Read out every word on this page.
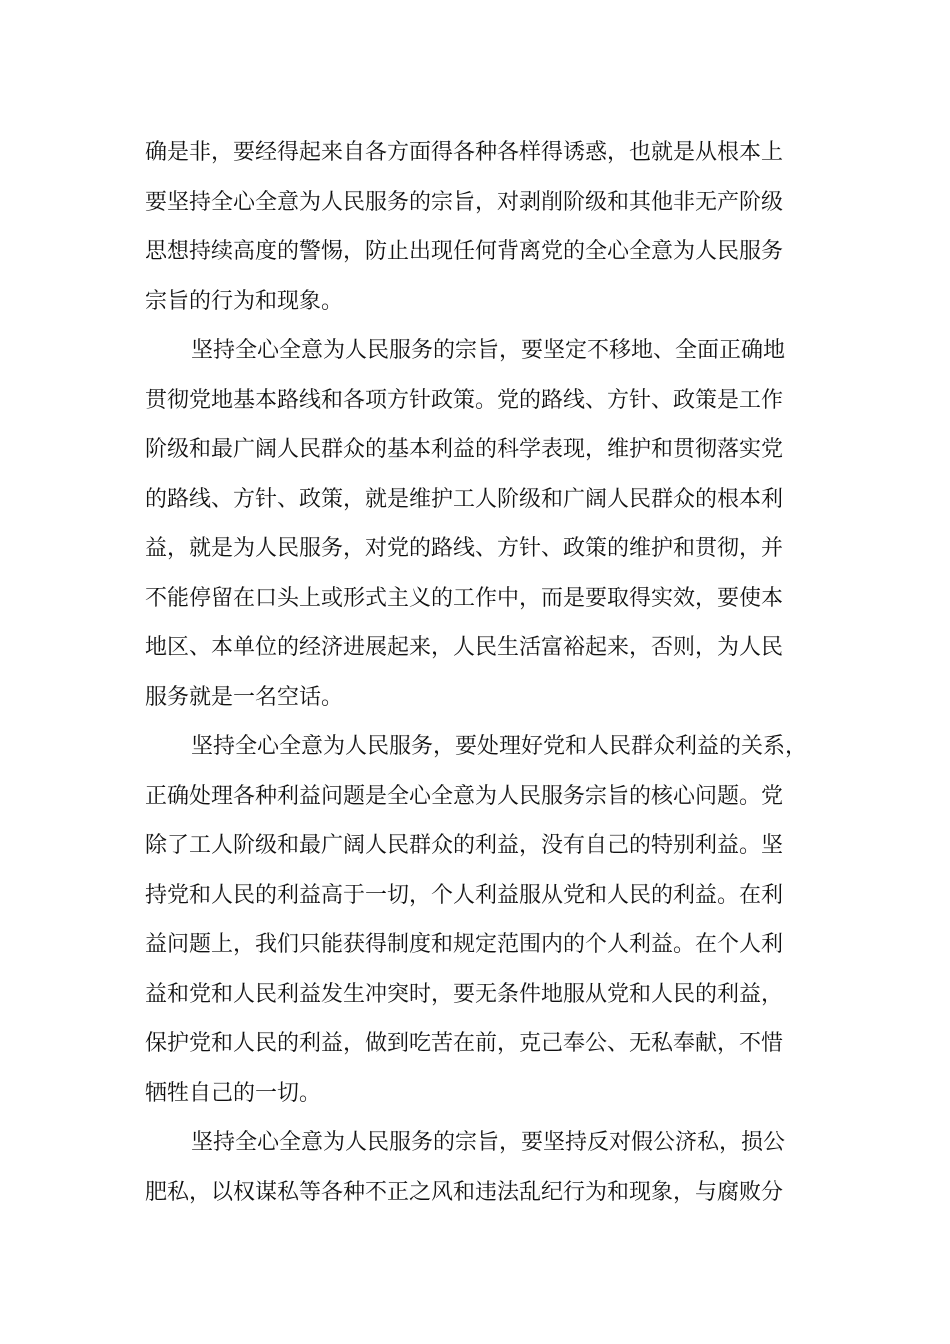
确是非，要经得起来自各方面得各种各样得诱惑，也就是从根本上
要坚持全心全意为人民服务的宗旨，对剥削阶级和其他非无产阶级
思想持续高度的警惕，防止出现任何背离党的全心全意为人民服务
宗旨的行为和现象。
坚持全心全意为人民服务的宗旨，要坚定不移地、全面正确地
贯彻党地基本路线和各项方针政策。党的路线、方针、政策是工作
阶级和最广阔人民群众的基本利益的科学表现，维护和贯彻落实党
的路线、方针、政策，就是维护工人阶级和广阔人民群众的根本利
益，就是为人民服务，对党的路线、方针、政策的维护和贯彻，并
不能停留在口头上或形式主义的工作中，而是要取得实效，要使本
地区、本单位的经济进展起来，人民生活富裕起来，否则，为人民
服务就是一名空话。
坚持全心全意为人民服务，要处理好党和人民群众利益的关系，
正确处理各种利益问题是全心全意为人民服务宗旨的核心问题。党
除了工人阶级和最广阔人民群众的利益，没有自己的特别利益。坚
持党和人民的利益高于一切，个人利益服从党和人民的利益。在利
益问题上，我们只能获得制度和规定范围内的个人利益。在个人利
益和党和人民利益发生冲突时，要无条件地服从党和人民的利益，
保护党和人民的利益，做到吃苦在前，克己奉公、无私奉献，不惜
牺牲自己的一切。
坚持全心全意为人民服务的宗旨，要坚持反对假公济私，损公
肥私，以权谋私等各种不正之风和违法乱纪行为和现象，与腐败分
